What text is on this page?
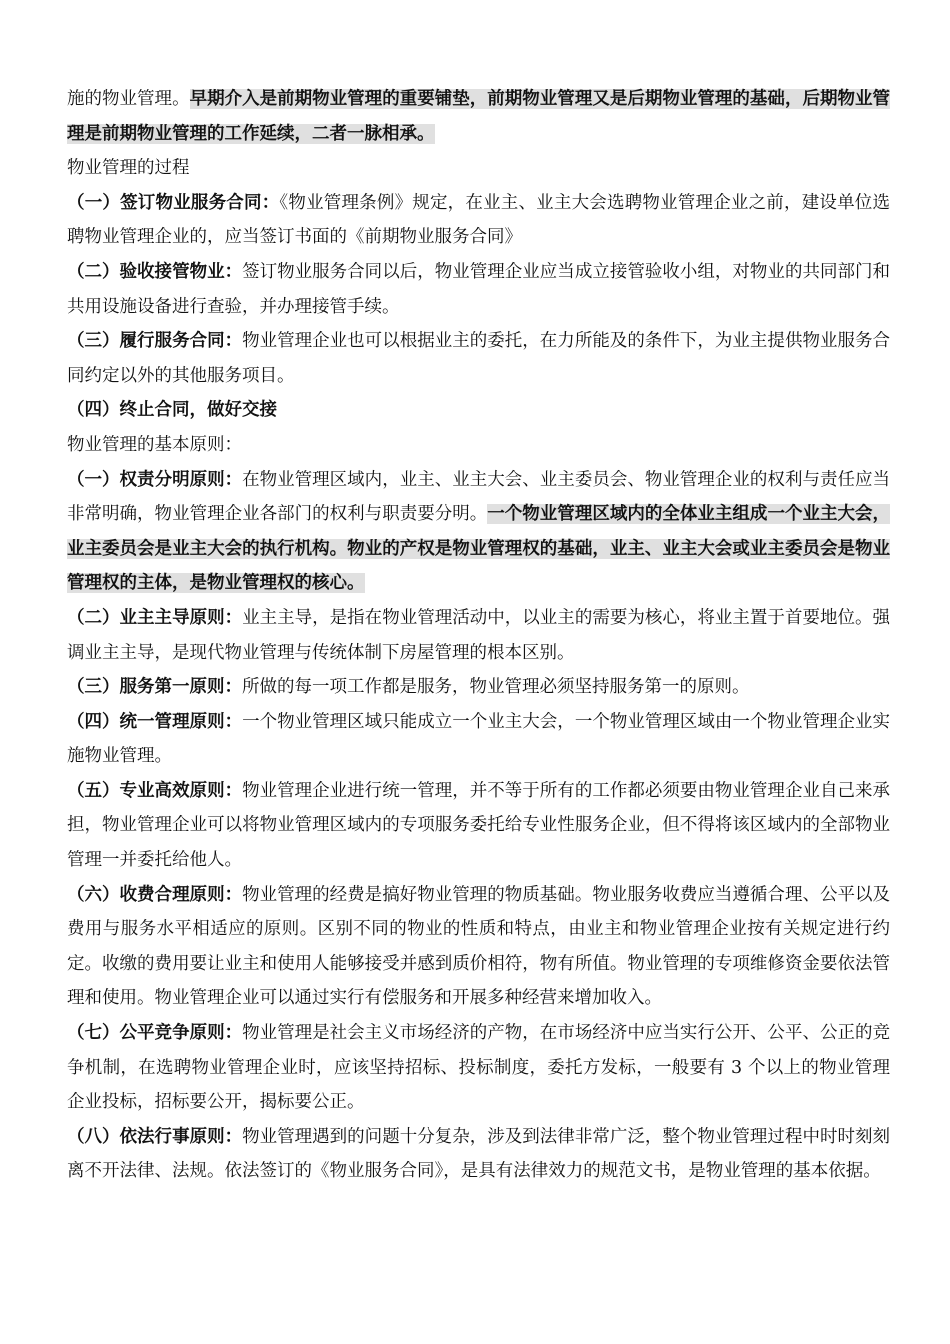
施的物业管理。早期介入是前期物业管理的重要铺垫，前期物业管理又是后期物业管理的基础，后期物业管理是前期物业管理的工作延续，二者一脉相承。

物业管理的过程

（一）签订物业服务合同：《物业管理条例》规定，在业主、业主大会选聘物业管理企业之前，建设单位选聘物业管理企业的，应当签订书面的《前期物业服务合同》

（二）验收接管物业：签订物业服务合同以后，物业管理企业应当成立接管验收小组，对物业的共同部门和共用设施设备进行查验，并办理接管手续。

（三）履行服务合同：物业管理企业也可以根据业主的委托，在力所能及的条件下，为业主提供物业服务合同约定以外的其他服务项目。

（四）终止合同，做好交接

物业管理的基本原则：

（一）权责分明原则：在物业管理区域内，业主、业主大会、业主委员会、物业管理企业的权利与责任应当非常明确，物业管理企业各部门的权利与职责要分明。一个物业管理区域内的全体业主组成一个业主大会，业主委员会是业主大会的执行机构。物业的产权是物业管理权的基础，业主、业主大会或业主委员会是物业管理权的主体，是物业管理权的核心。

（二）业主主导原则：业主主导，是指在物业管理活动中，以业主的需要为核心，将业主置于首要地位。强调业主主导，是现代物业管理与传统体制下房屋管理的根本区别。

（三）服务第一原则：所做的每一项工作都是服务，物业管理必须坚持服务第一的原则。

（四）统一管理原则：一个物业管理区域只能成立一个业主大会，一个物业管理区域由一个物业管理企业实施物业管理。

（五）专业高效原则：物业管理企业进行统一管理，并不等于所有的工作都必须要由物业管理企业自己来承担，物业管理企业可以将物业管理区域内的专项服务委托给专业性服务企业，但不得将该区域内的全部物业管理一并委托给他人。

（六）收费合理原则：物业管理的经费是搞好物业管理的物质基础。物业服务收费应当遵循合理、公平以及费用与服务水平相适应的原则。区别不同的物业的性质和特点，由业主和物业管理企业按有关规定进行约定。收缴的费用要让业主和使用人能够接受并感到质价相符，物有所值。物业管理的专项维修资金要依法管理和使用。物业管理企业可以通过实行有偿服务和开展多种经营来增加收入。

（七）公平竞争原则：物业管理是社会主义市场经济的产物，在市场经济中应当实行公开、公平、公正的竞争机制，在选聘物业管理企业时，应该坚持招标、投标制度，委托方发标，一般要有 3 个以上的物业管理企业投标，招标要公开，揭标要公正。

（八）依法行事原则：物业管理遇到的问题十分复杂，涉及到法律非常广泛，整个物业管理过程中时时刻刻离不开法律、法规。依法签订的《物业服务合同》，是具有法律效力的规范文书，是物业管理的基本依据。
